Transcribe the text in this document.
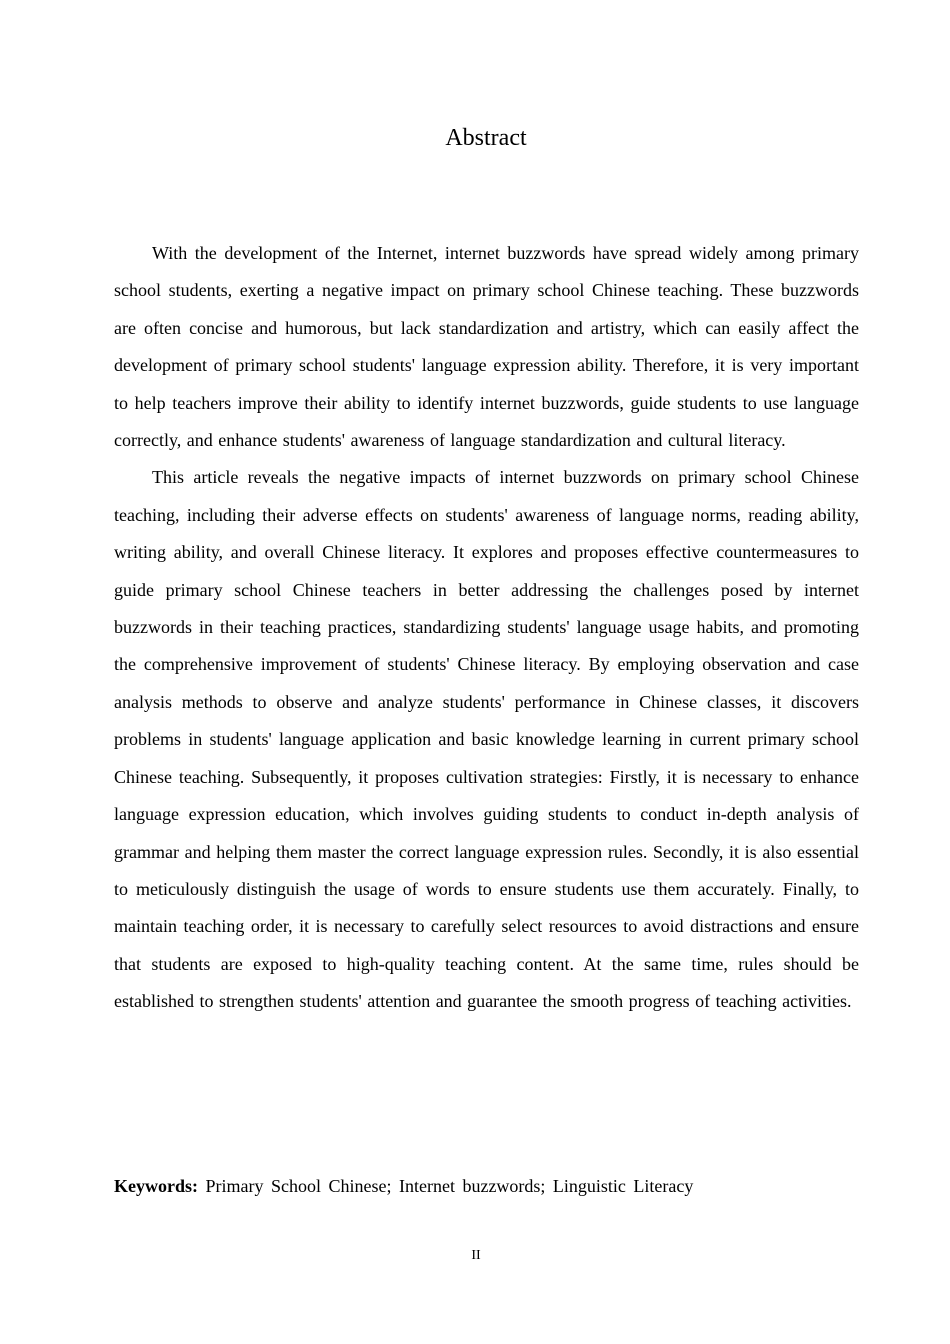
Abstract

With the development of the Internet, internet buzzwords have spread widely among primary school students, exerting a negative impact on primary school Chinese teaching. These buzzwords are often concise and humorous, but lack standardization and artistry, which can easily affect the development of primary school students' language expression ability. Therefore, it is very important to help teachers improve their ability to identify internet buzzwords, guide students to use language correctly, and enhance students' awareness of language standardization and cultural literacy.

This article reveals the negative impacts of internet buzzwords on primary school Chinese teaching, including their adverse effects on students' awareness of language norms, reading ability, writing ability, and overall Chinese literacy. It explores and proposes effective countermeasures to guide primary school Chinese teachers in better addressing the challenges posed by internet buzzwords in their teaching practices, standardizing students' language usage habits, and promoting the comprehensive improvement of students' Chinese literacy. By employing observation and case analysis methods to observe and analyze students' performance in Chinese classes, it discovers problems in students' language application and basic knowledge learning in current primary school Chinese teaching. Subsequently, it proposes cultivation strategies: Firstly, it is necessary to enhance language expression education, which involves guiding students to conduct in-depth analysis of grammar and helping them master the correct language expression rules. Secondly, it is also essential to meticulously distinguish the usage of words to ensure students use them accurately. Finally, to maintain teaching order, it is necessary to carefully select resources to avoid distractions and ensure that students are exposed to high-quality teaching content. At the same time, rules should be established to strengthen students' attention and guarantee the smooth progress of teaching activities.

Keywords: Primary School Chinese; Internet buzzwords; Linguistic Literacy
II
